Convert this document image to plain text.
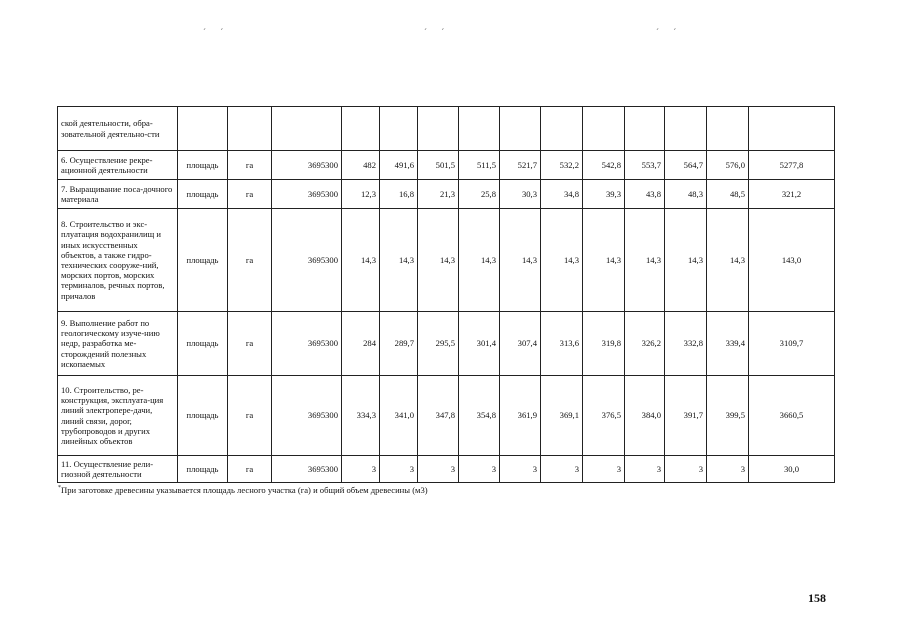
´ ´	´ ´	´ ´
ской деятельности, обра-зовательной деятельно-сти														
6. Осуществление рекре-ационной деятельности	площадь	га	3695300	482	491,6	501,5	511,5	521,7	532,2	542,8	553,7	564,7	576,0	5277,8
7. Выращивание поса-дочного материала	площадь	га	3695300	12,3	16,8	21,3	25,8	30,3	34,8	39,3	43,8	48,3	48,5	321,2
8. Строительство и экс-плуатация водохранилищ и иных искусственных объектов, а также гидро-технических сооруже-ний, морских портов, морских терминалов, речных портов, причалов	площадь	га	3695300	14,3	14,3	14,3	14,3	14,3	14,3	14,3	14,3	14,3	14,3	143,0
9. Выполнение работ по геологическому изуче-нию недр, разработка ме-сторождений полезных ископаемых	площадь	га	3695300	284	289,7	295,5	301,4	307,4	313,6	319,8	326,2	332,8	339,4	3109,7
10. Строительство, ре-конструкция, эксплуата-ция линий электропере-дачи, линий связи, дорог, трубопроводов и других линейных объектов	площадь	га	3695300	334,3	341,0	347,8	354,8	361,9	369,1	376,5	384,0	391,7	399,5	3660,5
11. Осуществление рели-гиозной деятельности	площадь	га	3695300	3	3	3	3	3	3	3	3	3	3	30,0
*При заготовке древесины указывается площадь лесного участка (га) и общий объем древесины (м3)
158
